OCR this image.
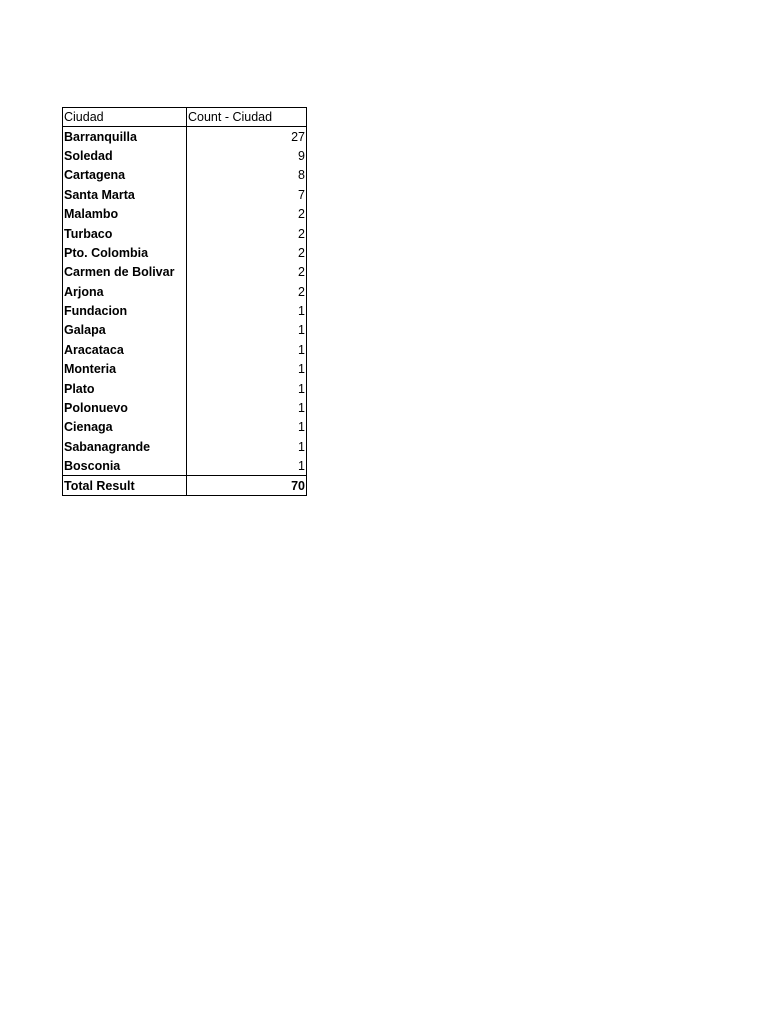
Ciudad	Count - Ciudad
Barranquilla	27
Soledad	9
Cartagena	8
Santa Marta	7
Malambo	2
Turbaco	2
Pto. Colombia	2
Carmen de Bolivar	2
Arjona	2
Fundacion	1
Galapa	1
Aracataca	1
Monteria	1
Plato	1
Polonuevo	1
Cienaga	1
Sabanagrande	1
Bosconia	1
Total Result	70
